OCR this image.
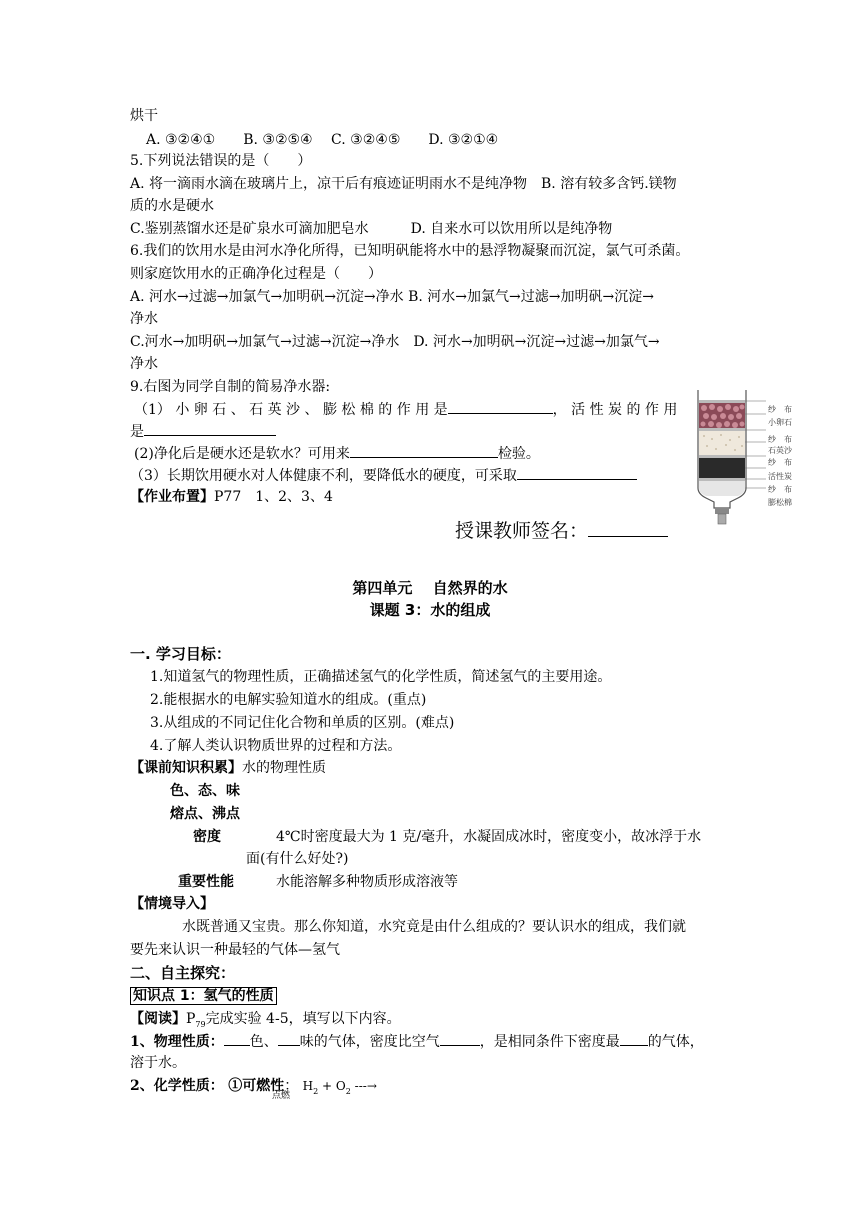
烘干
A. ③②④①　　B. ③②⑤④　 C. ③②④⑤　　D. ③②①④
5.下列说法错误的是（　　）
A. 将一滴雨水滴在玻璃片上，凉干后有痕迹证明雨水不是纯净物　B. 溶有较多含钙.镁物
质的水是硬水
C.鉴别蒸馏水还是矿泉水可滴加肥皂水　　　D. 自来水可以饮用所以是纯净物
6.我们的饮用水是由河水净化所得，已知明矾能将水中的悬浮物凝聚而沉淀，氯气可杀菌。
则家庭饮用水的正确净化过程是（　　）
A. 河水→过滤→加氯气→加明矾→沉淀→净水 B. 河水→加氯气→过滤→加明矾→沉淀→
净水
C.河水→加明矾→加氯气→过滤→沉淀→净水　D. 河水→加明矾→沉淀→过滤→加氯气→
净水
9.右图为同学自制的简易净水器:
（1） 小 卵 石 、 石 英 沙 、 膨 松 棉 的 作 用 是	， 活 性 炭 的 作 用
是
(2)净化后是硬水还是软水？可用来	检验。
（3）长期饮用硬水对人体健康不利，要降低水的硬度，可采取
【作业布置】P77　1、2、3、4
授课教师签名：
纱　布
小卵石
纱　布
石英沙
纱　布
活性炭
纱　布
膨松棉
第四单元　 自然界的水
课题 3：水的组成
一. 学习目标：
1.知道氢气的物理性质，正确描述氢气的化学性质，简述氢气的主要用途。
2.能根据水的电解实验知道水的组成。(重点)
3.从组成的不同记住化合物和单质的区别。(难点)
4.了解人类认识物质世界的过程和方法。
【课前知识积累】水的物理性质
色、态、味
熔点、沸点
密度	4℃时密度最大为 1 克/毫升，水凝固成冰时，密度变小，故冰浮于水
面(有什么好处?)
重要性能	水能溶解多种物质形成溶液等
【情境导入】
水既普通又宝贵。那么你知道，水究竟是由什么组成的？要认识水的组成，我们就
要先来认识一种最轻的气体—氢气
二、自主探究：
知识点 1：氢气的性质
【阅读】$P_{79}$完成实验 4-5，填写以下内容。
1、物理性质： 色、 味的气体，密度比空气	，是相同条件下密度最 的气体，
溶于水。
2、化学性质： ①可燃性： $H_2 + O_2$ ---→
点燃
